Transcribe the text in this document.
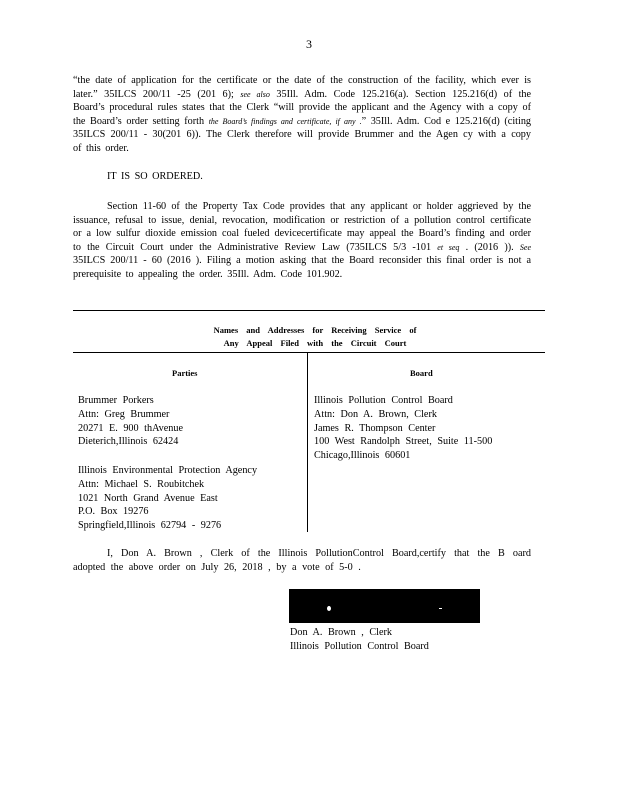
3
“the date of application for the certificate or the date of the construction of the facility, which ever is later.” 35ILCS 200/11 -25 (201 6); see also 35Ill. Adm. Code 125.216(a). Section 125.216(d) of the Board’s procedural rules states that the Clerk “will provide the applicant and the Agency with a copy of the Board’s order setting forth the Board’s findings and certificate, if any .” 35Ill. Adm. Cod e 125.216(d) (citing 35ILCS 200/11 - 30(201 6)). The Clerk therefore will provide Brummer and the Agen cy with a copy of this order.
IT IS SO ORDERED.
Section 11-60 of the Property Tax Code provides that any applicant or holder aggrieved by the issuance, refusal to issue, denial, revocation, modification or restriction of a pollution control certificate or a low sulfur dioxide emission coal fueled devicecertificate may appeal the Board’s finding and order to the Circuit Court under the Administrative Review Law (735ILCS 5/3 -101 et seq . (2016 )). See 35ILCS 200/11 - 60 (2016 ). Filing a motion asking that the Board reconsider this final order is not a prerequisite to appealing the order. 35Ill. Adm. Code 101.902.
Names and Addresses for Receiving Service of
Any Appeal Filed with the Circuit Court
Parties	Board
Brummer Porkers
Attn: Greg Brummer
20271 E. 900 thAvenue
Dieterich,Illinois 62424
Illinois Environmental Protection Agency
Attn: Michael S. Roubitchek
1021 North Grand Avenue East
P.O. Box 19276
Springfield,Illinois 62794 - 9276
Illinois Pollution Control Board
Attn: Don A. Brown, Clerk
James R. Thompson Center
100 West Randolph Street, Suite 11-500
Chicago,Illinois 60601
I, Don A. Brown , Clerk of the Illinois PollutionControl Board,certify that the B oard adopted the above order on July 26, 2018 , by a vote of 5-0 .
Don A. Brown , Clerk
Illinois Pollution Control Board
